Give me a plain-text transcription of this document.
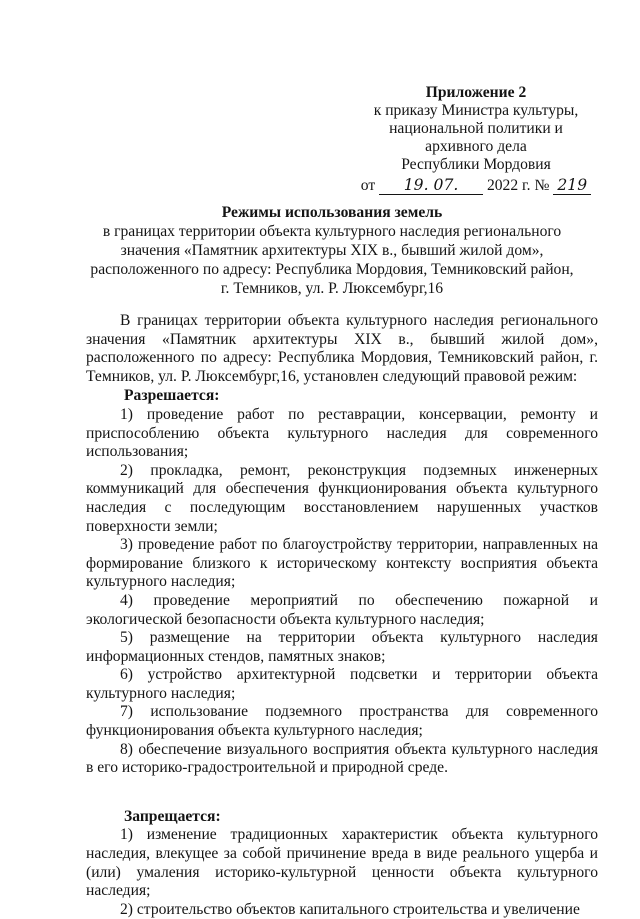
Приложение 2
к приказу Министра культуры,
национальной политики и
архивного дела
Республики Мордовия
от 19. 07. 2022 г. № 219
Режимы использования земель
в границах территории объекта культурного наследия регионального
значения «Памятник архитектуры XIX в., бывший жилой дом»,
расположенного по адресу: Республика Мордовия, Темниковский район,
г. Темников, ул. Р. Люксембург,16

В границах территории объекта культурного наследия регионального значения «Памятник архитектуры XIX в., бывший жилой дом», расположенного по адресу: Республика Мордовия, Темниковский район, г. Темников, ул. Р. Люксембург,16, установлен следующий правовой режим:

Разрешается:

1) проведение работ по реставрации, консервации, ремонту и приспособлению объекта культурного наследия для современного использования;

2) прокладка, ремонт, реконструкция подземных инженерных коммуникаций для обеспечения функционирования объекта культурного наследия с последующим восстановлением нарушенных участков поверхности земли;

3) проведение работ по благоустройству территории, направленных на формирование близкого к историческому контексту восприятия объекта культурного наследия;

4) проведение мероприятий по обеспечению пожарной и экологической безопасности объекта культурного наследия;

5) размещение на территории объекта культурного наследия информационных стендов, памятных знаков;

6) устройство архитектурной подсветки и территории объекта культурного наследия;

7) использование подземного пространства для современного функционирования объекта культурного наследия;

8) обеспечение визуального восприятия объекта культурного наследия в его историко-градостроительной и природной среде.

Запрещается:

1) изменение традиционных характеристик объекта культурного наследия, влекущее за собой причинение вреда в виде реального ущерба и (или) умаления историко-культурной ценности объекта культурного наследия;

2) строительство объектов капитального строительства и увеличение
